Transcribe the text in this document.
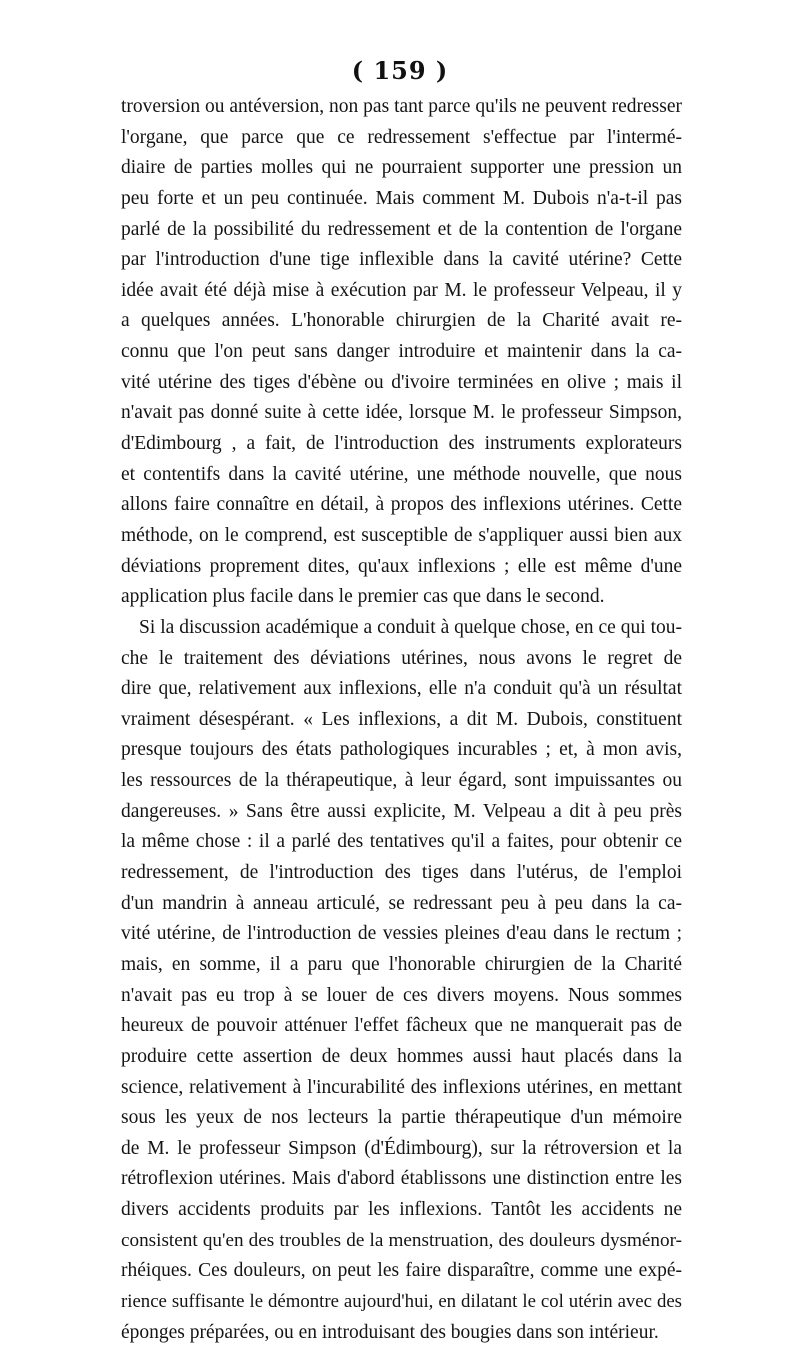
( 159 )
troversion ou antéversion, non pas tant parce qu'ils ne peuvent redresser
l'organe, que parce que ce redressement s'effectue par l'intermé-
diaire de parties molles qui ne pourraient supporter une pression un
peu forte et un peu continuée. Mais comment M. Dubois n'a-t-il pas
parlé de la possibilité du redressement et de la contention de l'organe
par l'introduction d'une tige inflexible dans la cavité utérine? Cette
idée avait été déjà mise à exécution par M. le professeur Velpeau, il y
a quelques années. L'honorable chirurgien de la Charité avait re-
connu que l'on peut sans danger introduire et maintenir dans la ca-
vité utérine des tiges d'ébène ou d'ivoire terminées en olive ; mais il
n'avait pas donné suite à cette idée, lorsque M. le professeur Simpson,
d'Edimbourg , a fait, de l'introduction des instruments explorateurs
et contentifs dans la cavité utérine, une méthode nouvelle, que nous
allons faire connaître en détail, à propos des inflexions utérines. Cette
méthode, on le comprend, est susceptible de s'appliquer aussi bien aux
déviations proprement dites, qu'aux inflexions ; elle est même d'une
application plus facile dans le premier cas que dans le second.
Si la discussion académique a conduit à quelque chose, en ce qui tou-
che le traitement des déviations utérines, nous avons le regret de
dire que, relativement aux inflexions, elle n'a conduit qu'à un résultat
vraiment désespérant. « Les inflexions, a dit M. Dubois, constituent
presque toujours des états pathologiques incurables ; et, à mon avis,
les ressources de la thérapeutique, à leur égard, sont impuissantes ou
dangereuses. » Sans être aussi explicite, M. Velpeau a dit à peu près
la même chose : il a parlé des tentatives qu'il a faites, pour obtenir ce
redressement, de l'introduction des tiges dans l'utérus, de l'emploi
d'un mandrin à anneau articulé, se redressant peu à peu dans la ca-
vité utérine, de l'introduction de vessies pleines d'eau dans le rectum ;
mais, en somme, il a paru que l'honorable chirurgien de la Charité
n'avait pas eu trop à se louer de ces divers moyens. Nous sommes
heureux de pouvoir atténuer l'effet fâcheux que ne manquerait pas de
produire cette assertion de deux hommes aussi haut placés dans la
science, relativement à l'incurabilité des inflexions utérines, en mettant
sous les yeux de nos lecteurs la partie thérapeutique d'un mémoire
de M. le professeur Simpson (d'Édimbourg), sur la rétroversion et la
rétroflexion utérines. Mais d'abord établissons une distinction entre les
divers accidents produits par les inflexions. Tantôt les accidents ne
consistent qu'en des troubles de la menstruation, des douleurs dysménor-
rhéiques. Ces douleurs, on peut les faire disparaître, comme une expé-
rience suffisante le démontre aujourd'hui, en dilatant le col utérin avec des
éponges préparées, ou en introduisant des bougies dans son intérieur.
